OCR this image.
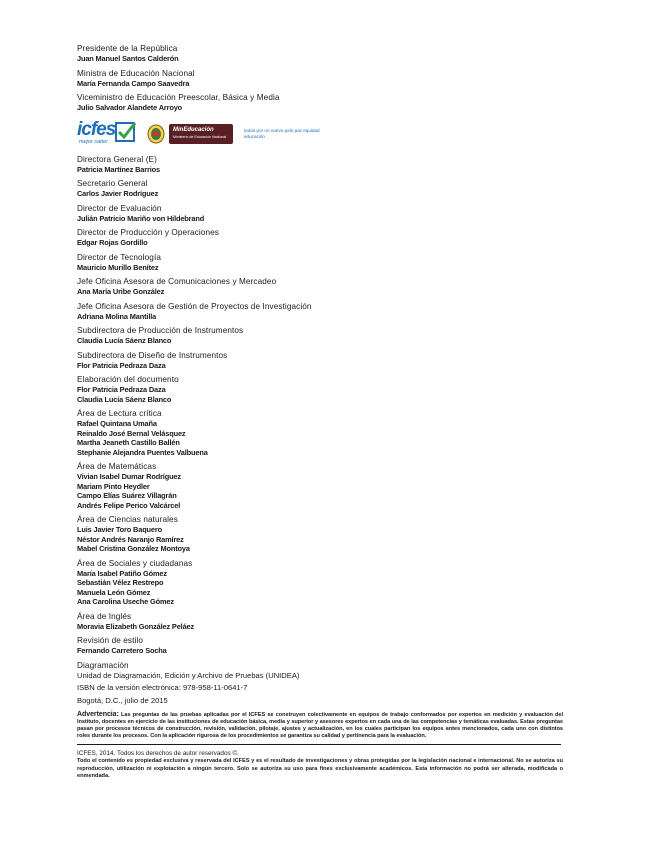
Presidente de la República
Juan Manuel Santos Calderón
Ministra de Educación Nacional
María Fernanda Campo Saavedra
Viceministro de Educación Preescolar, Básica y Media
Julio Salvador Alandete Arroyo
icfes
mejor saber
MinEducación
Ministerio de Educación Nacional
todos por un nuevo país paz equidad educación
Directora General (E)
Patricia Martínez Barrios
Secretario General
Carlos Javier Rodríguez
Director de Evaluación
Julián Patricio Mariño von Hildebrand
Director de Producción y Operaciones
Edgar Rojas Gordillo
Director de Tecnología
Mauricio Murillo Benítez
Jefe Oficina Asesora de Comunicaciones y Mercadeo
Ana María Uribe González
Jefe Oficina Asesora de Gestión de Proyectos de Investigación
Adriana Molina Mantilla
Subdirectora de Producción de Instrumentos
Claudia Lucía Sáenz Blanco
Subdirectora de Diseño de Instrumentos
Flor Patricia Pedraza Daza
Elaboración del documento
Flor Patricia Pedraza Daza
Claudia Lucía Sáenz Blanco
Área de Lectura crítica
Rafael Quintana Umaña
Reinaldo José Bernal Velásquez
Martha Jeaneth Castillo Ballén
Stephanie Alejandra Puentes Valbuena
Área de Matemáticas
Vivian Isabel Dumar Rodríguez
Mariam Pinto Heydler
Campo Elías Suárez Villagrán
Andrés Felipe Perico Valcárcel
Área de Ciencias naturales
Luis Javier Toro Baquero
Néstor Andrés Naranjo Ramírez
Mabel Cristina González Montoya
Área de Sociales y ciudadanas
María Isabel Patiño Gómez
Sebastián Vélez Restrepo
Manuela León Gómez
Ana Carolina Useche Gómez
Área de Inglés
Moravia Elizabeth González Peláez
Revisión de estilo
Fernando Carretero Socha
Diagramación
Unidad de Diagramación, Edición y Archivo de Pruebas (UNIDEA)
ISBN de la versión electrónica: 978-958-11-0641-7
Bogotá, D.C., julio de 2015
Advertencia: Las preguntas de las pruebas aplicadas por el ICFES se construyen colectivamente en equipos de trabajo conformados por expertos en medición y evaluación del Instituto, docentes en ejercicio de las instituciones de educación básica, media y superior y asesores expertos en cada una de las competencias y temáticas evaluadas. Estas preguntas pasan por procesos técnicos de construcción, revisión, validación, pilotaje, ajustes y actualización, en los cuales participan los equipos antes mencionados, cada uno con distintos roles durante los procesos. Con la aplicación rigurosa de los procedimientos se garantiza su calidad y pertinencia para la evaluación.
ICFES, 2014. Todos los derechos de autor reservados ©.
Todo el contenido es propiedad exclusiva y reservada del ICFES y es el resultado de investigaciones y obras protegidas por la legislación nacional e internacional. No se autoriza su reproducción, utilización ni explotación a ningún tercero. Solo se autoriza su uso para fines exclusivamente académicos. Esta información no podrá ser alterada, modificada o enmendada.
